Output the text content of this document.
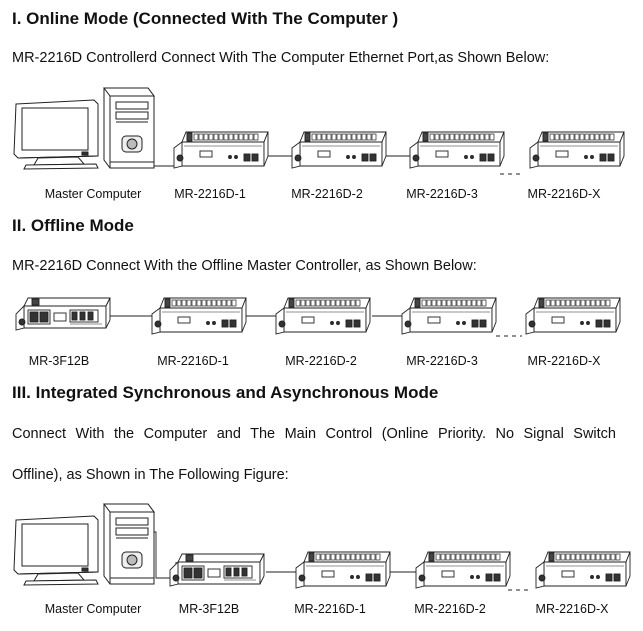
I. Online Mode (Connected With The Computer )
MR-2216D Controllerd Connect With The Computer Ethernet Port,as Shown Below:
Master Computer	MR-2216D-1	MR-2216D-2	MR-2216D-3	MR-2216D-X
II. Offline Mode
MR-2216D Connect With the Offline Master Controller, as Shown Below:
MR-3F12B	MR-2216D-1	MR-2216D-2	MR-2216D-3	MR-2216D-X
III. Integrated Synchronous and Asynchronous Mode
Connect With the Computer and The Main Control (Online Priority. No Signal Switch
Offline), as Shown in The Following Figure:
Master Computer	MR-3F12B	MR-2216D-1	MR-2216D-2	MR-2216D-X
